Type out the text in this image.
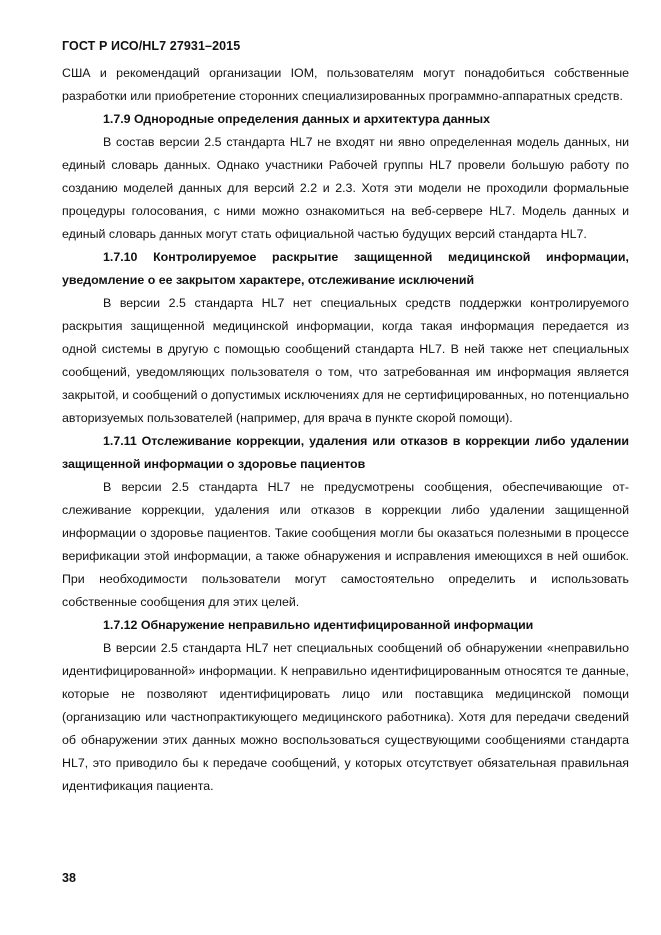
ГОСТ Р ИСО/HL7 27931–2015

США и рекомендаций организации IOM, пользователям могут понадобиться собственные разработки или приобретение сторонних специализированных программно-аппаратных средств.

1.7.9 Однородные определения данных и архитектура данных

В состав версии 2.5 стандарта HL7 не входят ни явно определенная модель данных, ни единый словарь данных. Однако участники Рабочей группы HL7 провели большую работу по созданию моделей данных для версий 2.2 и 2.3. Хотя эти модели не проходили формальные процедуры голосования, с ними можно ознакомиться на веб-сервере HL7. Модель данных и единый словарь данных могут стать официальной частью будущих версий стандарта HL7.

1.7.10 Контролируемое раскрытие защищенной медицинской информации, уведомление о ее закрытом характере, отслеживание исключений

В версии 2.5 стандарта HL7 нет специальных средств поддержки контролируемого раскрытия защищенной медицинской информации, когда такая информация передается из одной системы в другую с помощью сообщений стандарта HL7. В ней также нет специальных сообщений, уведомляющих пользователя о том, что затребованная им информация является закрытой, и сообщений о допустимых исключениях для не сертифицированных, но потенциально авторизуемых пользователей (например, для врача в пункте скорой помощи).

1.7.11 Отслеживание коррекции, удаления или отказов в коррекции либо удалении защищенной информации о здоровье пациентов

В версии 2.5 стандарта HL7 не предусмотрены сообщения, обеспечивающие отслеживание коррекции, удаления или отказов в коррекции либо удалении защищенной информации о здоровье пациентов. Такие сообщения могли бы оказаться полезными в процессе верификации этой информации, а также обнаружения и исправления имеющихся в ней ошибок. При необходимости пользователи могут самостоятельно определить и использовать собственные сообщения для этих целей.

1.7.12 Обнаружение неправильно идентифицированной информации

В версии 2.5 стандарта HL7 нет специальных сообщений об обнаружении «неправильно идентифицированной» информации. К неправильно идентифицированным относятся те данные, которые не позволяют идентифицировать лицо или поставщика медицинской помощи (организацию или частнопрактикующего медицинского работника). Хотя для передачи сведений об обнаружении этих данных можно воспользоваться существующими сообщениями стандарта HL7, это приводило бы к передаче сообщений, у которых отсутствует обязательная правильная идентификация пациента.

38
